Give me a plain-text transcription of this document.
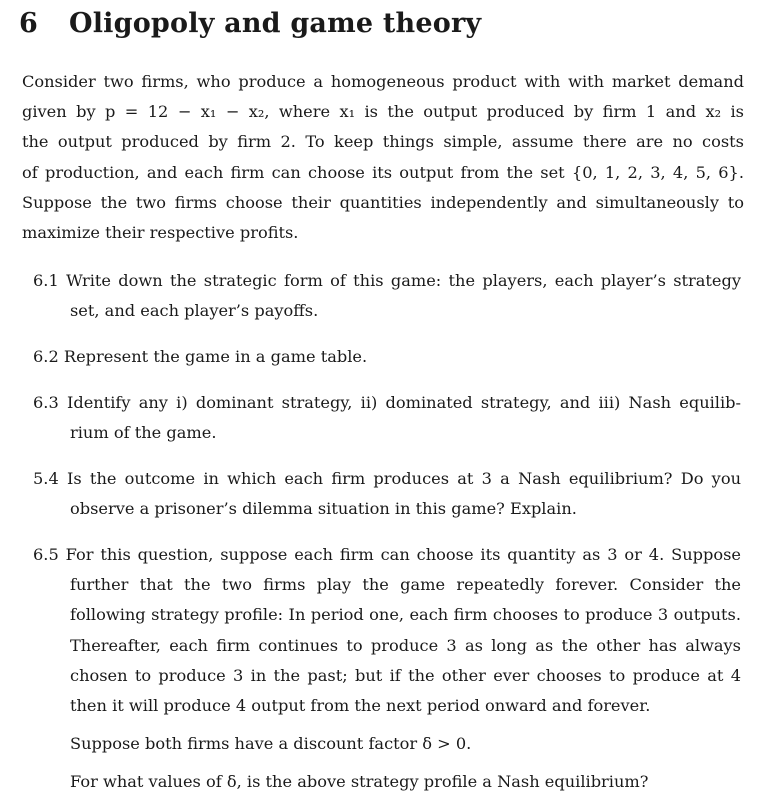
6 Oligopoly and game theory
Consider two firms, who produce a homogeneous product with with market demand
given by p = 12 − x₁ − x₂, where x₁ is the output produced by firm 1 and x₂ is
the output produced by firm 2. To keep things simple, assume there are no costs
of production, and each firm can choose its output from the set {0, 1, 2, 3, 4, 5, 6}.
Suppose the two firms choose their quantities independently and simultaneously to
maximize their respective profits.
6.1 Write down the strategic form of this game: the players, each player’s strategy
set, and each player’s payoffs.
6.2 Represent the game in a game table.
6.3 Identify any i) dominant strategy, ii) dominated strategy, and iii) Nash equilib-
rium of the game.
5.4 Is the outcome in which each firm produces at 3 a Nash equilibrium? Do you
observe a prisoner’s dilemma situation in this game? Explain.
6.5 For this question, suppose each firm can choose its quantity as 3 or 4. Suppose
further that the two firms play the game repeatedly forever. Consider the
following strategy profile: In period one, each firm chooses to produce 3 outputs.
Thereafter, each firm continues to produce 3 as long as the other has always
chosen to produce 3 in the past; but if the other ever chooses to produce at 4
then it will produce 4 output from the next period onward and forever.
Suppose both firms have a discount factor δ > 0.
For what values of δ, is the above strategy profile a Nash equilibrium?
